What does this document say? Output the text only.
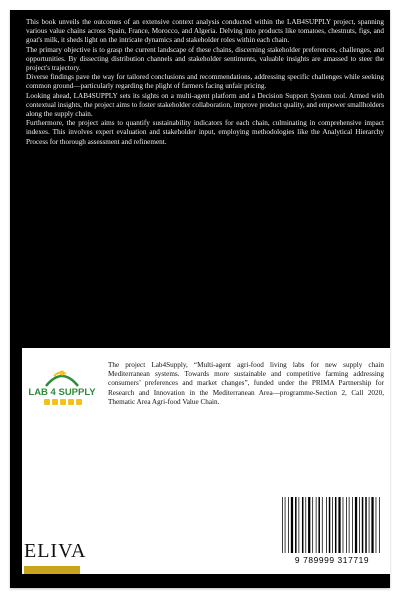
This book unveils the outcomes of an extensive context analysis conducted within the LAB4SUPPLY project, spanning various value chains across Spain, France, Morocco, and Algeria. Delving into products like tomatoes, chestnuts, figs, and goat's milk, it sheds light on the intricate dynamics and stakeholder roles within each chain.

The primary objective is to grasp the current landscape of these chains, discerning stakeholder preferences, challenges, and opportunities. By dissecting distribution channels and stakeholder sentiments, valuable insights are amassed to steer the project's trajectory.

Diverse findings pave the way for tailored conclusions and recommendations, addressing specific challenges while seeking common ground—particularly regarding the plight of farmers facing unfair pricing.

Looking ahead, LAB4SUPPLY sets its sights on a multi-agent platform and a Decision Support System tool. Armed with contextual insights, the project aims to foster stakeholder collaboration, improve product quality, and empower smallholders along the supply chain.

Furthermore, the project aims to quantify sustainability indicators for each chain, culminating in comprehensive impact indexes. This involves expert evaluation and stakeholder input, employing methodologies like the Analytical Hierarchy Process for thorough assessment and refinement.

LAB 4 SUPPLY
The project Lab4Supply, “Multi-agent agri-food living labs for new supply chain Mediterranean systems. Towards more sustainable and competitive farming addressing consumers’ preferences and market changes”, funded under the PRIMA Partnership for Research and Innovation in the Mediterranean Area—programme-Section 2, Call 2020, Thematic Area Agri-food Value Chain.
9 789999 317719
ELIVA
